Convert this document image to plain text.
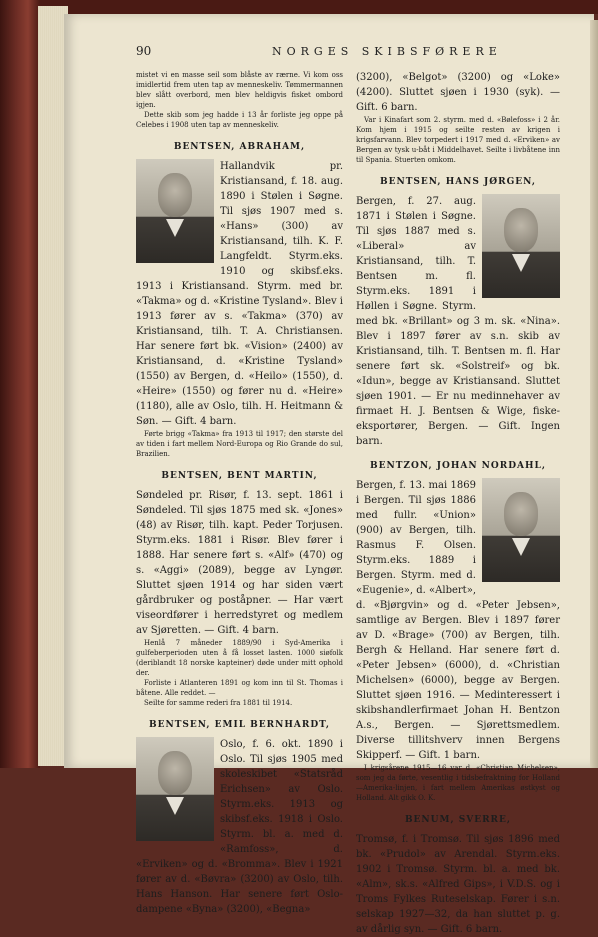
90	NORGES SKIBSFØRERE

mistet vi en masse seil som blåste av rærne. Vi kom oss imidlertid frem uten tap av menneskeliv. Tømmermannen blev slått overbord, men blev heldigvis fisket ombord igjen.

Dette skib som jeg hadde i 13 år forliste jeg oppe på Celebes i 1908 uten tap av menneskeliv.

BENTSEN, ABRAHAM,

Hallandvik pr. Kristiansand, f. 18. aug. 1890 i Stølen i Søgne. Til sjøs 1907 med s. «Hans» (300) av Kristiansand, tilh. K. F. Langfeldt. Styrm.eks. 1910 og skibsf.eks. 1913 i Kristiansand. Styrm. med br. «Takma» og d. «Kristine Tysland». Blev i 1913 fører av s. «Takma» (370) av Kristiansand, tilh. T. A. Christiansen. Har senere ført bk. «Vision» (2400) av Kristiansand, d. «Kristine Tysland» (1550) av Bergen, d. «Heilo» (1550), d. «Heire» (1550) og fører nu d. «Heire» (1180), alle av Oslo, tilh. H. Heitmann & Søn. — Gift. 4 barn.

Førte brigg «Takma» fra 1913 til 1917; den største del av tiden i fart mellem Nord-Europa og Rio Grande do sul, Brazilien.

BENTSEN, BENT MARTIN,

Søndeled pr. Risør, f. 13. sept. 1861 i Søndeled. Til sjøs 1875 med sk. «Jones» (48) av Risør, tilh. kapt. Peder Torjusen. Styrm.eks. 1881 i Risør. Blev fører i 1888. Har senere ført s. «Alf» (470) og s. «Aggi» (2089), begge av Lyngør. Sluttet sjøen 1914 og har siden vært gårdbruker og poståpner. — Har vært viseordfører i herredstyret og medlem av Sjøretten. — Gift. 4 barn.

Henlå 7 måneder 1889/90 i Syd-Amerika i gulfeberperioden uten å få losset lasten. 1000 siøfolk (deriblandt 18 norske kapteiner) døde under mitt ophold der.

Forliste i Atlanteren 1891 og kom inn til St. Thomas i båtene. Alle reddet. —

Seilte for samme rederi fra 1881 til 1914.

BENTSEN, EMIL BERNHARDT,

Oslo, f. 6. okt. 1890 i Oslo. Til sjøs 1905 med skoleskibet «Statsråd Erichsen» av Oslo. Styrm.eks. 1913 og skibsf.eks. 1918 i Oslo. Styrm. bl. a. med d. «Ramfoss», d. «Erviken» og d. «Bromma». Blev i 1921 fører av d. «Bøvra» (3200) av Oslo, tilh. Hans Hanson. Har senere ført Oslo-dampene «Byna» (3200), «Begna»

(3200), «Belgot» (3200) og «Loke» (4200). Sluttet sjøen i 1930 (syk). — Gift. 6 barn.

Var i Kinafart som 2. styrm. med d. «Bølefoss» i 2 år. Kom hjem i 1915 og seilte resten av krigen i krigsfarvann. Blev torpedert i 1917 med d. «Erviken» av Bergen av tysk u-båt i Middelhavet. Seilte i livbåtene inn til Spania. Stuerten omkom.

BENTSEN, HANS JØRGEN,

Bergen, f. 27. aug. 1871 i Stølen i Søgne. Til sjøs 1887 med s. «Liberal» av Kristiansand, tilh. T. Bentsen m. fl. Styrm.eks. 1891 i Høllen i Søgne. Styrm. med bk. «Brillant» og 3 m. sk. «Nina». Blev i 1897 fører av s.n. skib av Kristiansand, tilh. T. Bentsen m. fl. Har senere ført sk. «Solstreif» og bk. «Idun», begge av Kristiansand. Sluttet sjøen 1901. — Er nu medinnehaver av firmaet H. J. Bentsen & Wige, fiske-eksportører, Bergen. — Gift. Ingen barn.

BENTZON, JOHAN NORDAHL,

Bergen, f. 13. mai 1869 i Bergen. Til sjøs 1886 med fullr. «Union» (900) av Bergen, tilh. Rasmus F. Olsen. Styrm.eks. 1889 i Bergen. Styrm. med d. «Eugenie», d. «Albert», d. «Bjørgvin» og d. «Peter Jebsen», samtlige av Bergen. Blev i 1897 fører av D. «Brage» (700) av Bergen, tilh. Bergh & Helland. Har senere ført d. «Peter Jebsen» (6000), d. «Christian Michelsen» (6000), begge av Bergen. Sluttet sjøen 1916. — Medinteressert i skibshandlerfirmaet Johan H. Bentzon A.s., Bergen. — Sjørettsmedlem. Diverse tillitshverv innen Bergens Skipperf. — Gift. 1 barn.

I krigsårene 1915—16 var d. «Christian Michelsen», som jeg da førte, vesentlig i tidsbefraktning for Holland—Amerika-linjen, i fart mellem Amerikas østkyst og Holland. Alt gikk O. K.

BENUM, SVERRE,

Tromsø, f. i Tromsø. Til sjøs 1896 med bk. «Prudol» av Arendal. Styrm.eks. 1902 i Tromsø. Styrm. bl. a. med bk. «Alm», sk.s. «Alfred Gips», i V.D.S. og i Troms Fylkes Ruteselskap. Fører i s.n. selskap 1927—32, da han sluttet p. g. av dårlig syn. — Gift. 6 barn.
